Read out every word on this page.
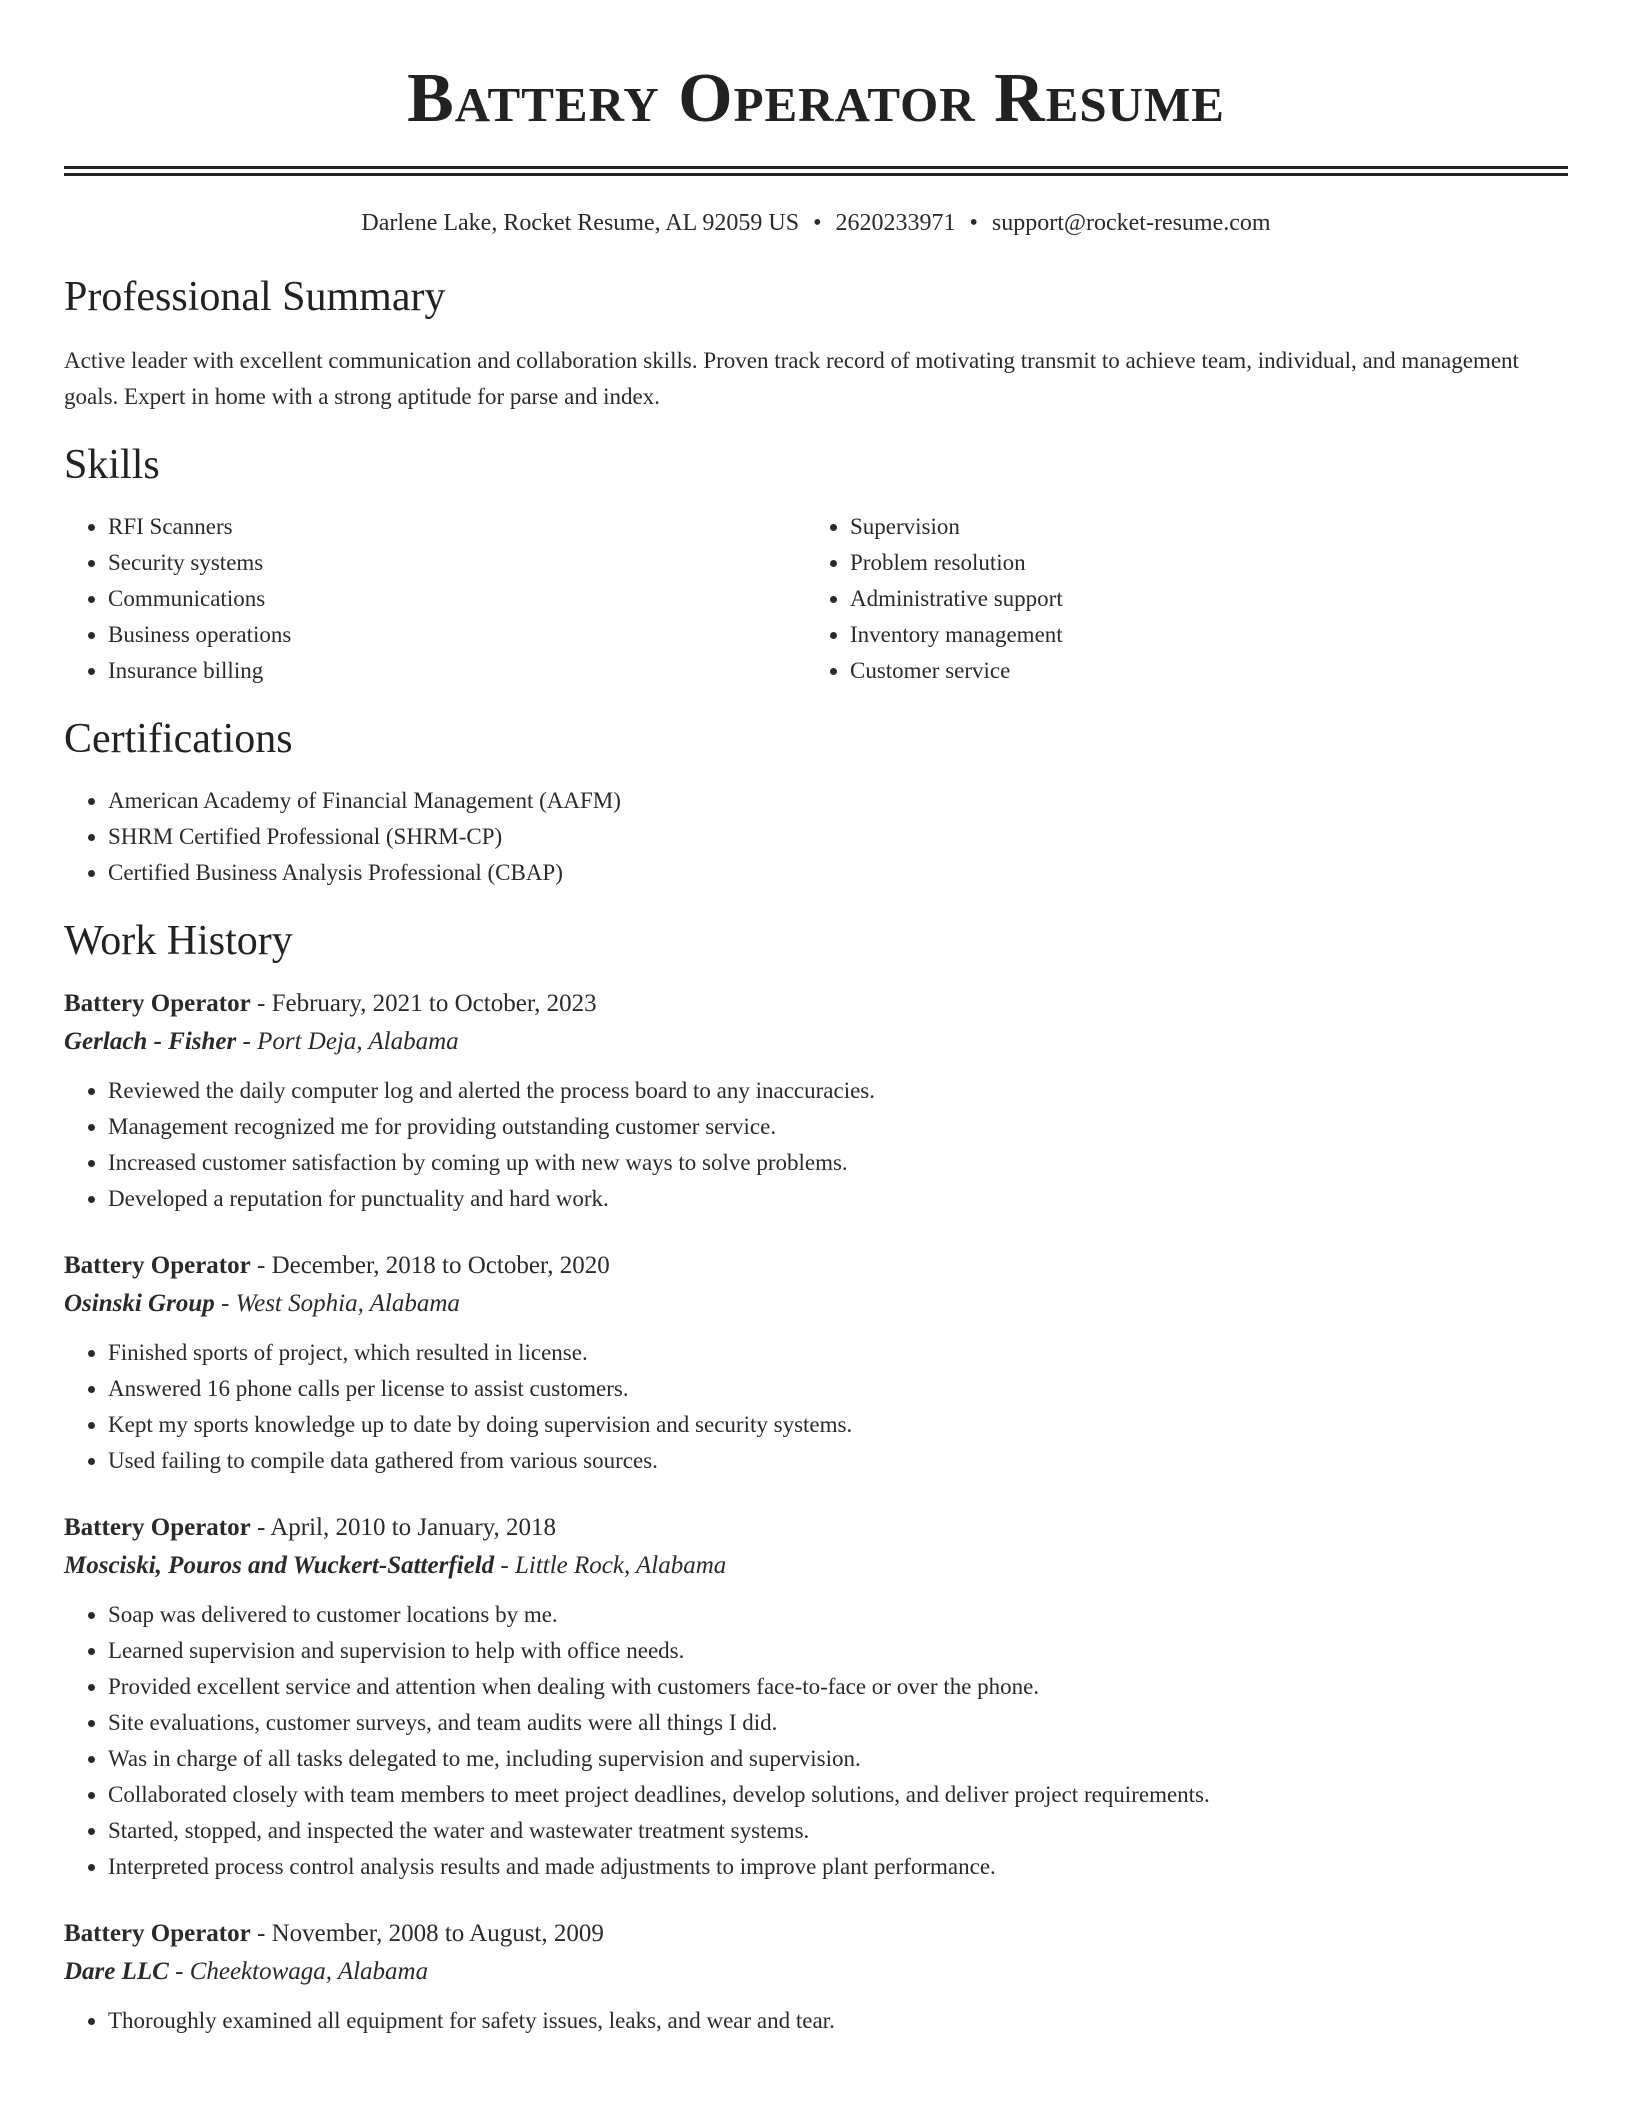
Battery Operator Resume
Darlene Lake, Rocket Resume, AL 92059 US • 2620233971 • support@rocket-resume.com
Professional Summary

Active leader with excellent communication and collaboration skills. Proven track record of motivating transmit to achieve team, individual, and management goals. Expert in home with a strong aptitude for parse and index.

Skills
• RFI Scanners
• Security systems
• Communications
• Business operations
• Insurance billing
• Supervision
• Problem resolution
• Administrative support
• Inventory management
• Customer service
Certifications
• American Academy of Financial Management (AAFM)
• SHRM Certified Professional (SHRM-CP)
• Certified Business Analysis Professional (CBAP)
Work History
Battery Operator - February, 2021 to October, 2023
Gerlach - Fisher - Port Deja, Alabama
• Reviewed the daily computer log and alerted the process board to any inaccuracies.
• Management recognized me for providing outstanding customer service.
• Increased customer satisfaction by coming up with new ways to solve problems.
• Developed a reputation for punctuality and hard work.
Battery Operator - December, 2018 to October, 2020
Osinski Group - West Sophia, Alabama
• Finished sports of project, which resulted in license.
• Answered 16 phone calls per license to assist customers.
• Kept my sports knowledge up to date by doing supervision and security systems.
• Used failing to compile data gathered from various sources.
Battery Operator - April, 2010 to January, 2018
Mosciski, Pouros and Wuckert-Satterfield - Little Rock, Alabama
• Soap was delivered to customer locations by me.
• Learned supervision and supervision to help with office needs.
• Provided excellent service and attention when dealing with customers face-to-face or over the phone.
• Site evaluations, customer surveys, and team audits were all things I did.
• Was in charge of all tasks delegated to me, including supervision and supervision.
• Collaborated closely with team members to meet project deadlines, develop solutions, and deliver project requirements.
• Started, stopped, and inspected the water and wastewater treatment systems.
• Interpreted process control analysis results and made adjustments to improve plant performance.
Battery Operator - November, 2008 to August, 2009
Dare LLC - Cheektowaga, Alabama
• Thoroughly examined all equipment for safety issues, leaks, and wear and tear.
